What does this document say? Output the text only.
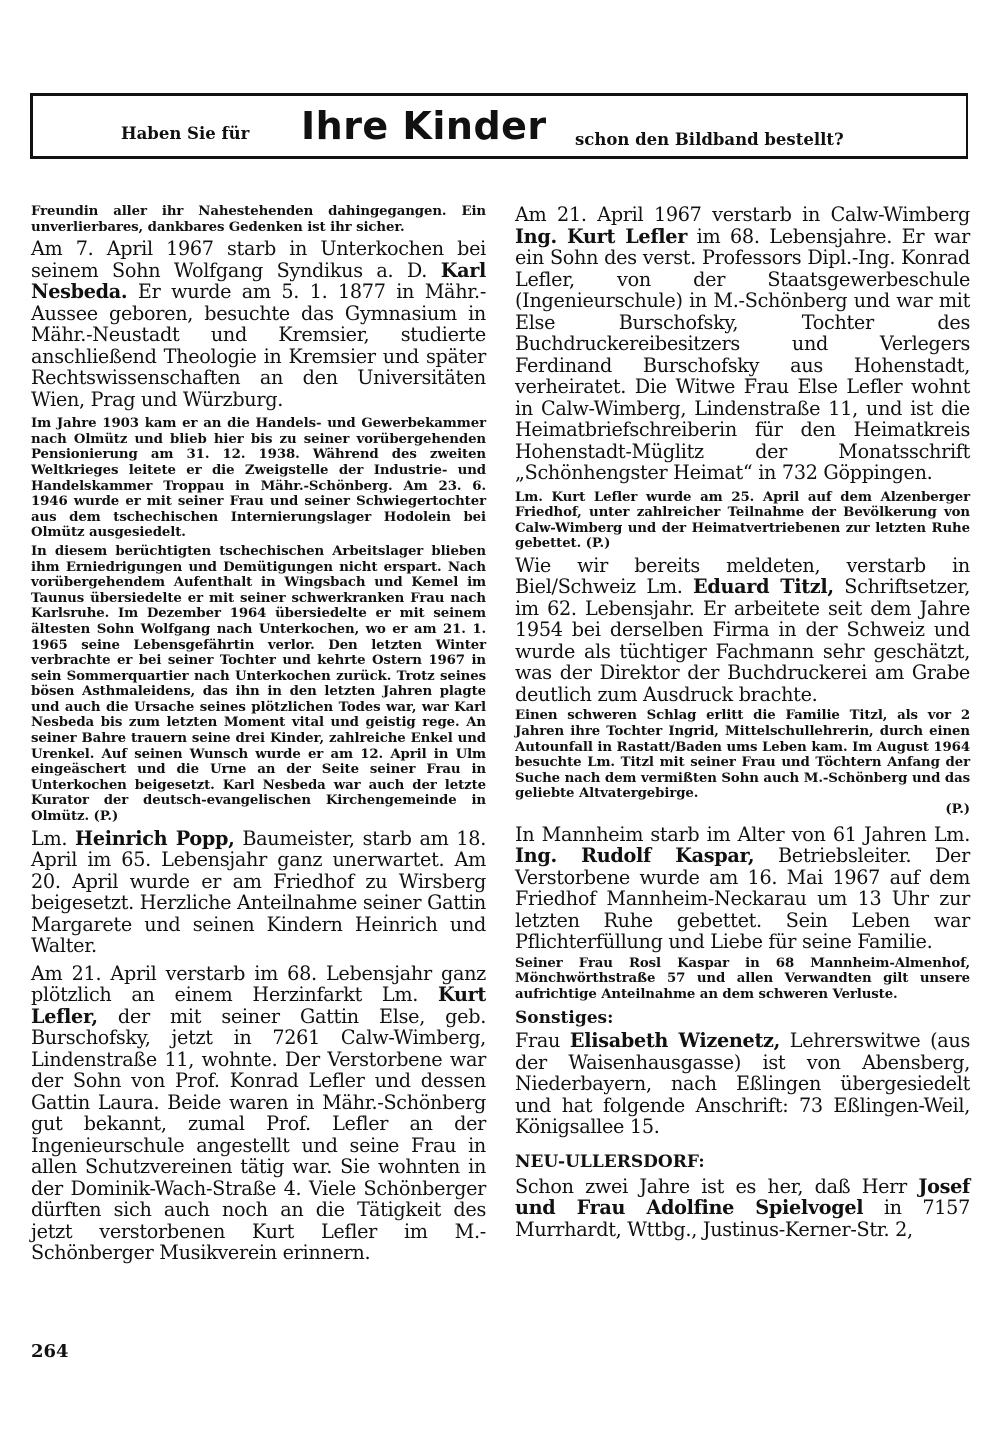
Haben Sie für Ihre Kinder schon den Bildband bestellt?

Freundin aller ihr Nahestehenden dahingegangen. Ein unverlierbares, dankbares Gedenken ist ihr sicher.

Am 7. April 1967 starb in Unterkochen bei seinem Sohn Wolfgang Syndikus a. D. Karl Nesbeda. Er wurde am 5. 1. 1877 in Mähr.-Aussee geboren, besuchte das Gymnasium in Mähr.-Neustadt und Kremsier, studierte anschließend Theologie in Kremsier und später Rechtswissenschaften an den Universitäten Wien, Prag und Würzburg.

Im Jahre 1903 kam er an die Handels- und Gewerbekammer nach Olmütz und blieb hier bis zu seiner vorübergehenden Pensionierung am 31. 12. 1938. Während des zweiten Weltkrieges leitete er die Zweigstelle der Industrie- und Handelskammer Troppau in Mähr.-Schönberg. Am 23. 6. 1946 wurde er mit seiner Frau und seiner Schwiegertochter aus dem tschechischen Internierungslager Hodolein bei Olmütz ausgesiedelt.

In diesem berüchtigten tschechischen Arbeitslager blieben ihm Erniedrigungen und Demütigungen nicht erspart. Nach vorübergehendem Aufenthalt in Wingsbach und Kemel im Taunus übersiedelte er mit seiner schwerkranken Frau nach Karlsruhe. Im Dezember 1964 übersiedelte er mit seinem ältesten Sohn Wolfgang nach Unterkochen, wo er am 21. 1. 1965 seine Lebensgefährtin verlor. Den letzten Winter verbrachte er bei seiner Tochter und kehrte Ostern 1967 in sein Sommerquartier nach Unterkochen zurück. Trotz seines bösen Asthmaleidens, das ihn in den letzten Jahren plagte und auch die Ursache seines plötzlichen Todes war, war Karl Nesbeda bis zum letzten Moment vital und geistig rege. An seiner Bahre trauern seine drei Kinder, zahlreiche Enkel und Urenkel. Auf seinen Wunsch wurde er am 12. April in Ulm eingeäschert und die Urne an der Seite seiner Frau in Unterkochen beigesetzt. Karl Nesbeda war auch der letzte Kurator der deutsch-evangelischen Kirchengemeinde in Olmütz. (P.)

Lm. Heinrich Popp, Baumeister, starb am 18. April im 65. Lebensjahr ganz unerwartet. Am 20. April wurde er am Friedhof zu Wirsberg beigesetzt. Herzliche Anteilnahme seiner Gattin Margarete und seinen Kindern Heinrich und Walter.

Am 21. April verstarb im 68. Lebensjahr ganz plötzlich an einem Herzinfarkt Lm. Kurt Lefler, der mit seiner Gattin Else, geb. Burschofsky, jetzt in 7261 Calw-Wimberg, Lindenstraße 11, wohnte. Der Verstorbene war der Sohn von Prof. Konrad Lefler und dessen Gattin Laura. Beide waren in Mähr.-Schönberg gut bekannt, zumal Prof. Lefler an der Ingenieurschule angestellt und seine Frau in allen Schutzvereinen tätig war. Sie wohnten in der Dominik-Wach-Straße 4. Viele Schönberger dürften sich auch noch an die Tätigkeit des jetzt verstorbenen Kurt Lefler im M.-Schönberger Musikverein erinnern.

Am 21. April 1967 verstarb in Calw-Wimberg Ing. Kurt Lefler im 68. Lebensjahre. Er war ein Sohn des verst. Professors Dipl.-Ing. Konrad Lefler, von der Staatsgewerbeschule (Ingenieurschule) in M.-Schönberg und war mit Else Burschofsky, Tochter des Buchdruckereibesitzers und Verlegers Ferdinand Burschofsky aus Hohenstadt, verheiratet. Die Witwe Frau Else Lefler wohnt in Calw-Wimberg, Lindenstraße 11, und ist die Heimatbriefschreiberin für den Heimatkreis Hohenstadt-Müglitz der Monatsschrift „Schönhengster Heimat“ in 732 Göppingen.

Lm. Kurt Lefler wurde am 25. April auf dem Alzenberger Friedhof, unter zahlreicher Teilnahme der Bevölkerung von Calw-Wimberg und der Heimatvertriebenen zur letzten Ruhe gebettet. (P.)

Wie wir bereits meldeten, verstarb in Biel/Schweiz Lm. Eduard Titzl, Schriftsetzer, im 62. Lebensjahr. Er arbeitete seit dem Jahre 1954 bei derselben Firma in der Schweiz und wurde als tüchtiger Fachmann sehr geschätzt, was der Direktor der Buchdruckerei am Grabe deutlich zum Ausdruck brachte.

Einen schweren Schlag erlitt die Familie Titzl, als vor 2 Jahren ihre Tochter Ingrid, Mittelschullehrerin, durch einen Autounfall in Rastatt/Baden ums Leben kam. Im August 1964 besuchte Lm. Titzl mit seiner Frau und Töchtern Anfang der Suche nach dem vermißten Sohn auch M.-Schönberg und das geliebte Altvatergebirge.

(P.)

In Mannheim starb im Alter von 61 Jahren Lm. Ing. Rudolf Kaspar, Betriebsleiter. Der Verstorbene wurde am 16. Mai 1967 auf dem Friedhof Mannheim-Neckarau um 13 Uhr zur letzten Ruhe gebettet. Sein Leben war Pflichterfüllung und Liebe für seine Familie.

Seiner Frau Rosl Kaspar in 68 Mannheim-Almenhof, Mönchwörthstraße 57 und allen Verwandten gilt unsere aufrichtige Anteilnahme an dem schweren Verluste.

Sonstiges:

Frau Elisabeth Wizenetz, Lehrerswitwe (aus der Waisenhausgasse) ist von Abensberg, Niederbayern, nach Eßlingen übergesiedelt und hat folgende Anschrift: 73 Eßlingen-Weil, Königsallee 15.

NEU-ULLERSDORF:

Schon zwei Jahre ist es her, daß Herr Josef und Frau Adolfine Spielvogel in 7157 Murrhardt, Wttbg., Justinus-Kerner-Str. 2,

264
